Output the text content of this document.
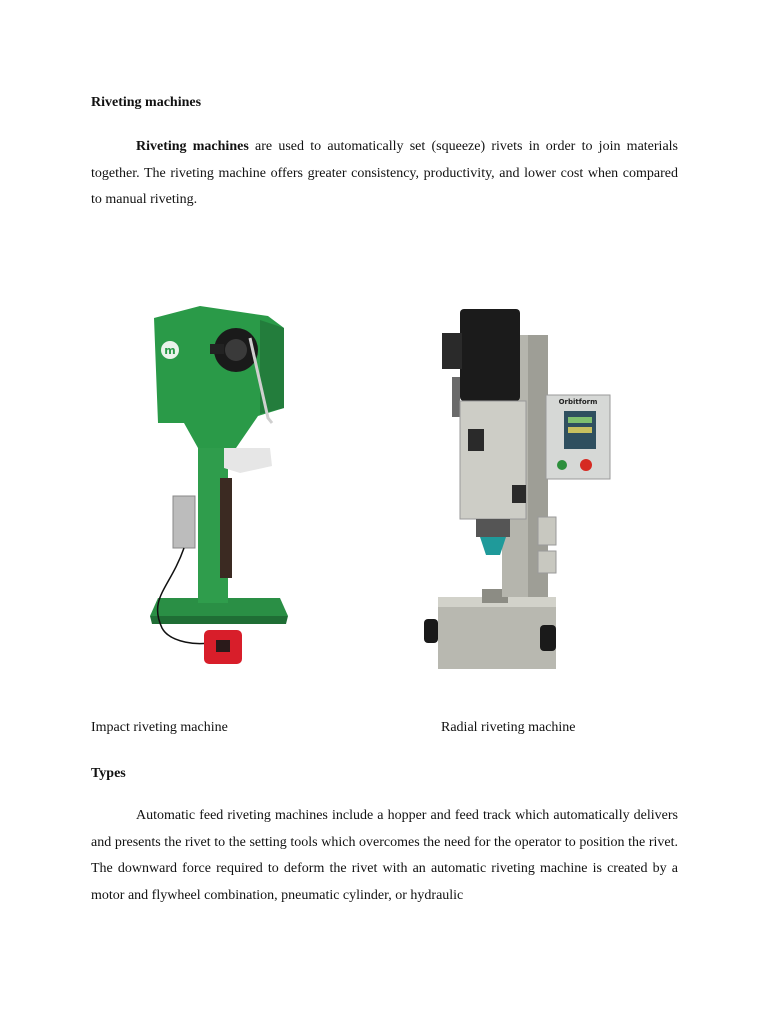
Riveting machines

Riveting machines are used to automatically set (squeeze) rivets in order to join materials together. The riveting machine offers greater consistency, productivity, and lower cost when compared to manual riveting.

m
Orbitform
Impact riveting machine	Radial riveting machine
Types

Automatic feed riveting machines include a hopper and feed track which automatically delivers and presents the rivet to the setting tools which overcomes the need for the operator to position the rivet. The downward force required to deform the rivet with an automatic riveting machine is created by a motor and flywheel combination, pneumatic cylinder, or hydraulic
